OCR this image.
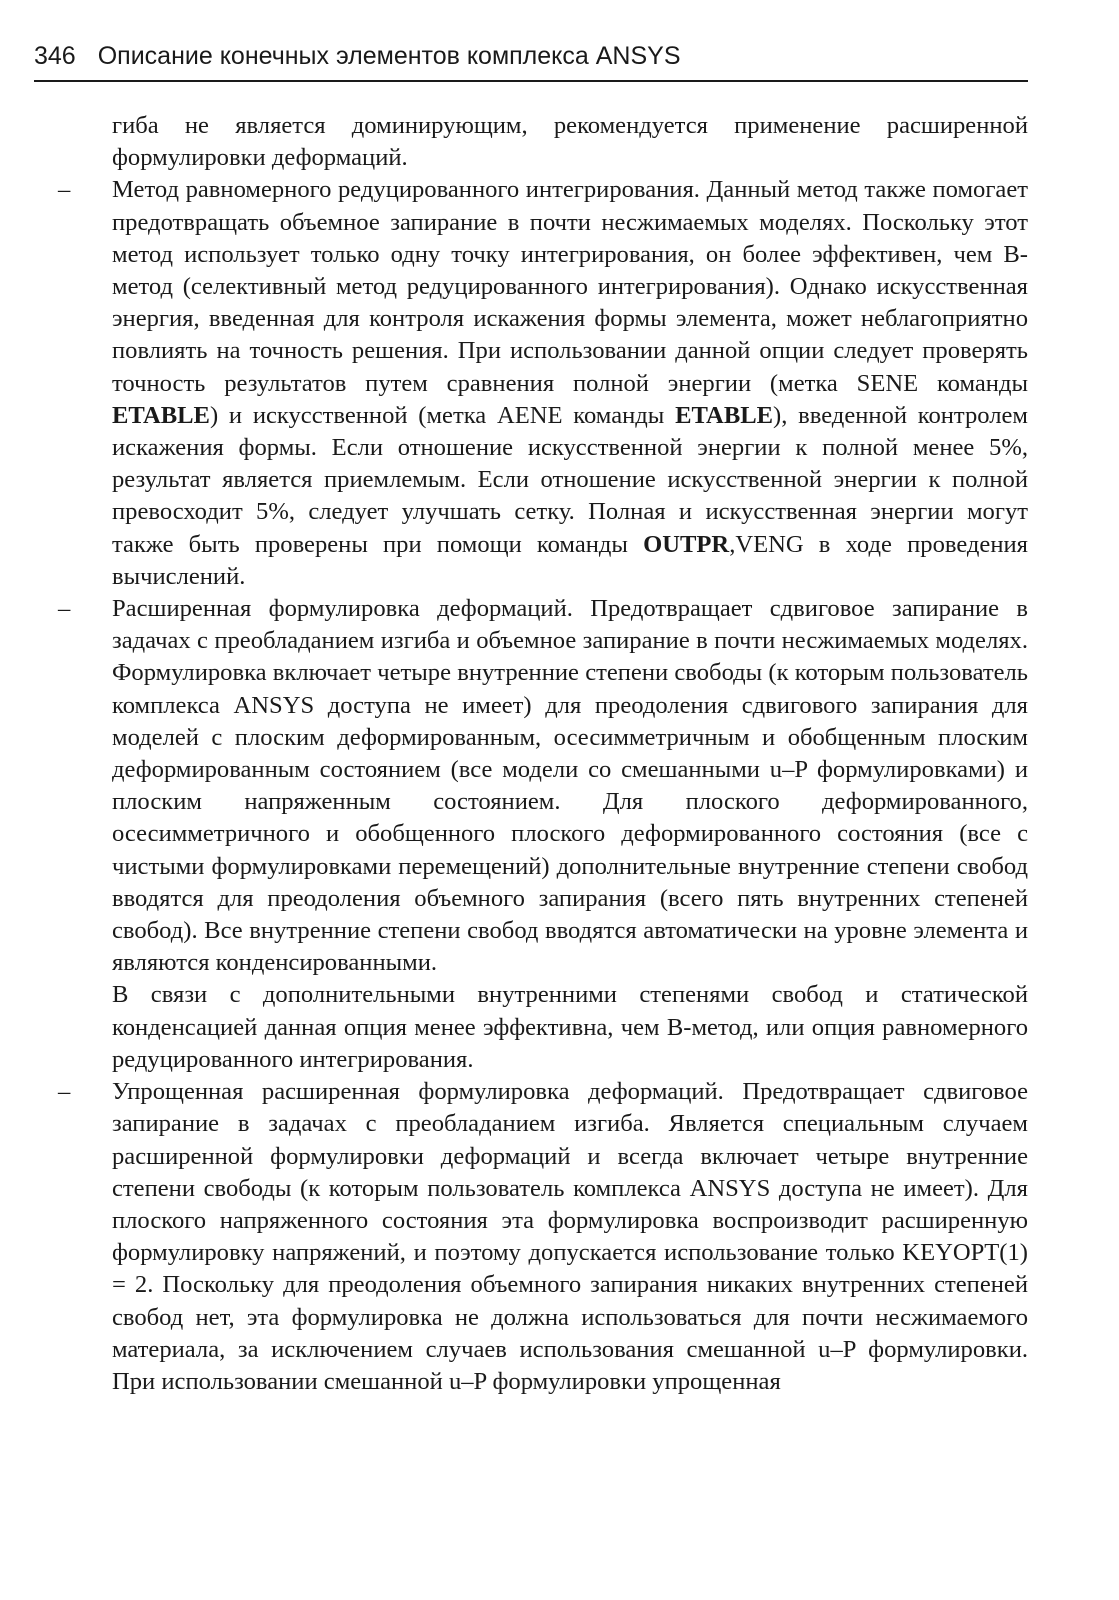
346 Описание конечных элементов комплекса ANSYS

гиба не является доминирующим, рекомендуется применение расширенной формулировки деформаций.

– Метод равномерного редуцированного интегрирования. Данный метод также помогает предотвращать объемное запирание в почти несжимаемых моделях. Поскольку этот метод использует только одну точку интегрирования, он более эффективен, чем B-метод (селективный метод редуцированного интегрирования). Однако искусственная энергия, введенная для контроля искажения формы элемента, может неблагоприятно повлиять на точность решения. При использовании данной опции следует проверять точность результатов путем сравнения полной энергии (метка SENE команды ETABLE) и искусственной (метка AENE команды ETABLE), введенной контролем искажения формы. Если отношение искусственной энергии к полной менее 5%, результат является приемлемым. Если отношение искусственной энергии к полной превосходит 5%, следует улучшать сетку. Полная и искусственная энергии могут также быть проверены при помощи команды OUTPR,VENG в ходе проведения вычислений.

– Расширенная формулировка деформаций. Предотвращает сдвиговое запирание в задачах с преобладанием изгиба и объемное запирание в почти несжимаемых моделях. Формулировка включает четыре внутренние степени свободы (к которым пользователь комплекса ANSYS доступа не имеет) для преодоления сдвигового запирания для моделей с плоским деформированным, осесимметричным и обобщенным плоским деформированным состоянием (все модели со смешанными u–P формулировками) и плоским напряженным состоянием. Для плоского деформированного, осесимметричного и обобщенного плоского деформированного состояния (все с чистыми формулировками перемещений) дополнительные внутренние степени свобод вводятся для преодоления объемного запирания (всего пять внутренних степеней свобод). Все внутренние степени свобод вводятся автоматически на уровне элемента и являются конденсированными.

В связи с дополнительными внутренними степенями свобод и статической конденсацией данная опция менее эффективна, чем B-метод, или опция равномерного редуцированного интегрирования.

– Упрощенная расширенная формулировка деформаций. Предотвращает сдвиговое запирание в задачах с преобладанием изгиба. Является специальным случаем расширенной формулировки деформаций и всегда включает четыре внутренние степени свободы (к которым пользователь комплекса ANSYS доступа не имеет). Для плоского напряженного состояния эта формулировка воспроизводит расширенную формулировку напряжений, и поэтому допускается использование только KEYOPT(1) = 2. Поскольку для преодоления объемного запирания никаких внутренних степеней свобод нет, эта формулировка не должна использоваться для почти несжимаемого материала, за исключением случаев использования смешанной u–P формулировки. При использовании смешанной u–P формулировки упрощенная
